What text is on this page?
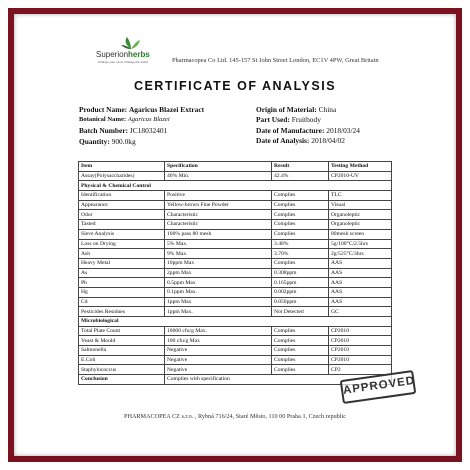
Superionherbs
Change your mind. Change the world	Pharmacopea Co Ltd. 145-157 St John Street London, EC1V 4PW, Great Britain
CERTIFICATE OF ANALYSIS
Product Name: Agaricus Blazei Extract
Botanical Name: Agaricus Blazei
Batch Number: JC18032401
Quantity: 900.0kg
Origin of Material: China
Part Used: Fruitbody
Date of Manufacture: 2018/03/24
Date of Analysis: 2018/04/02
Item	Specification	Result	Testing Method
Assay(Polysaccharides)	40% Min.	42.4%	CP2010-UV
Physical & Chemical Control			
Identification	Positive	Complies	TLC
Appearance	Yellow-brown Fine Powder	Complies	Visual
Odor	Characteristic	Complies	Organoleptic
Tasted	Characteristic	Complies	Organoleptic
Sieve Analysis	100% pass 80 mesh	Complies	80mesh screen
Loss on Drying	5% Max.	3.48%	5g/100°C/2.5hrs
Ash	9% Max.	3.70%	2g/525°C/3hrs
Heavy Metal	10ppm Max	Complies	AAS
As	2ppm Max	0.308ppm	AAS
Pb	0.5ppm Max	0.165ppm	AAS
Hg	0.1ppm Max.	0.002ppm	AAS
Cd	1ppm Max	0.050ppm	AAS
Pesticides Residues	1ppm Max.	Not Detected	GC
Microbiological			
Total Plate Count	10000 cfu/g Max.	Complies	CP2010
Yeast & Mould	100 cfu/g Max	Complies	CP2010
Salmonella	Negative	Complies	CP2010
E.Coli	Negative	Complies	CP2010
Staphylococcus	Negative	Complies	CP2
Conclusion	Complies with specification			APPROVED
PHARMACOPEA CZ s.r.o. , Rybná 716/24, Staré Město, 110 00 Praha 1, Czech republic
